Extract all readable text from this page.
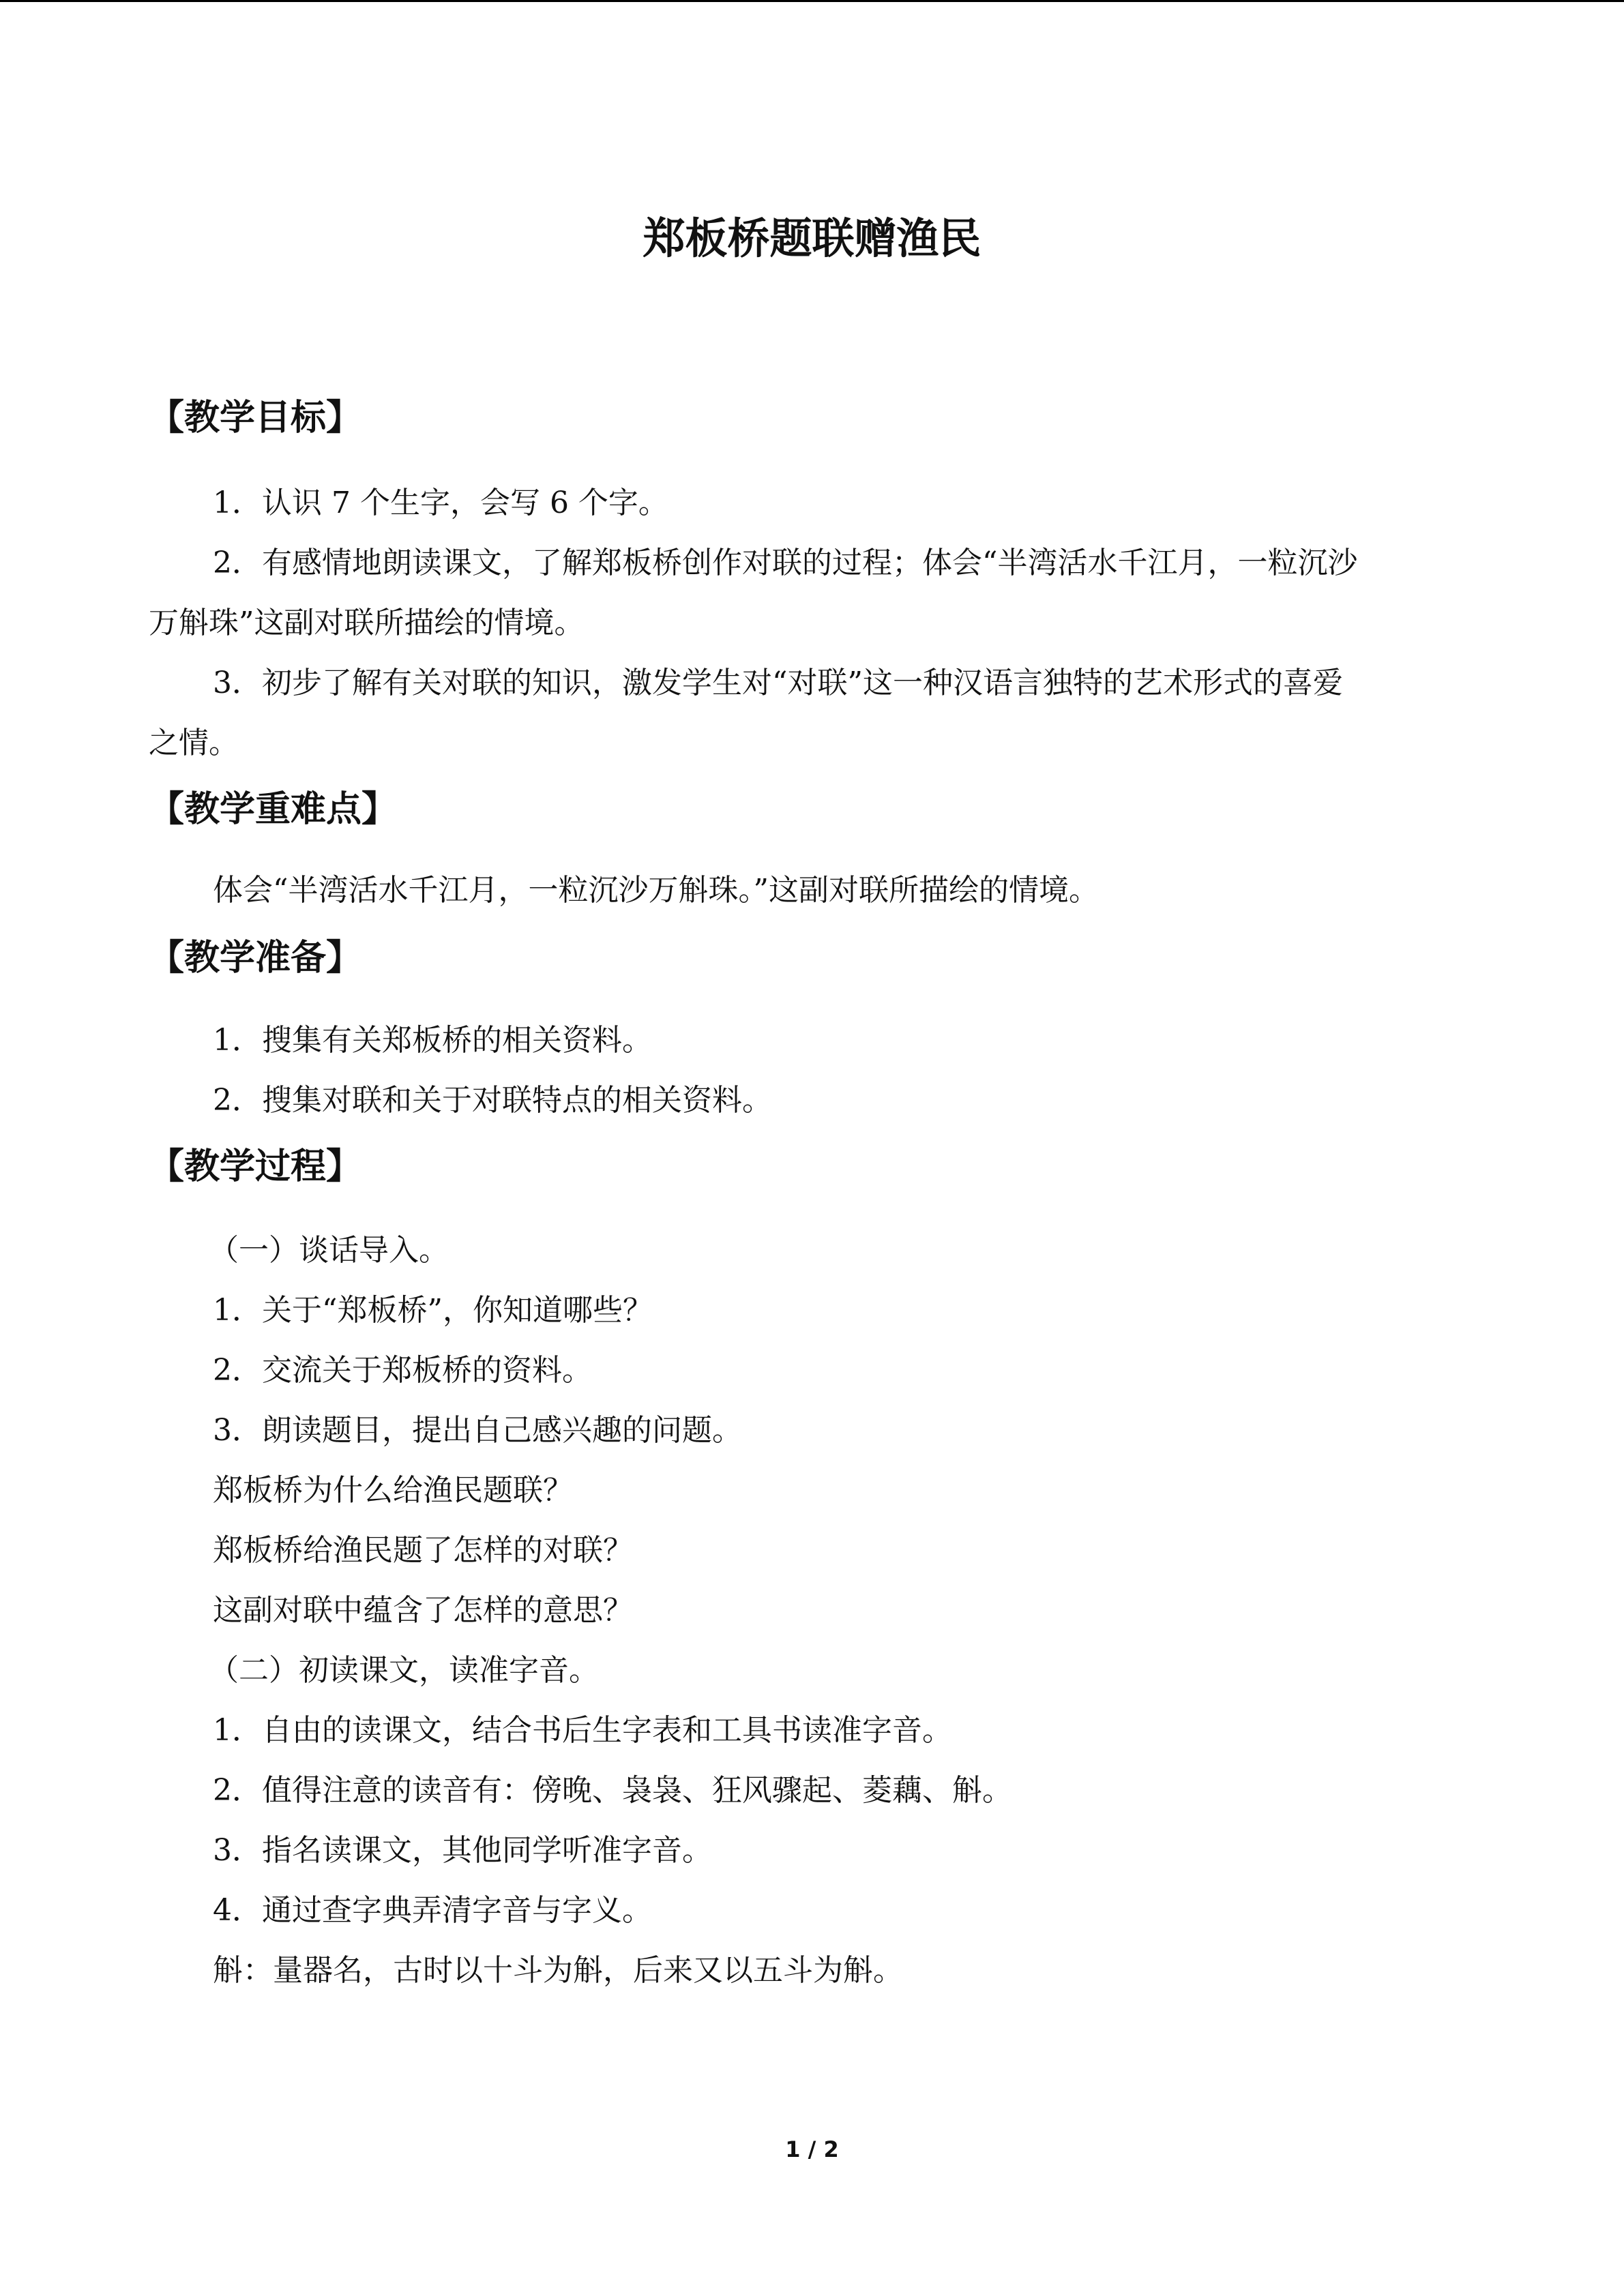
郑板桥题联赠渔民
【教学目标】
1．认识 7 个生字，会写 6 个字。
2．有感情地朗读课文，了解郑板桥创作对联的过程；体会“半湾活水千江月，一粒沉沙
万斛珠”这副对联所描绘的情境。
3．初步了解有关对联的知识，激发学生对“对联”这一种汉语言独特的艺术形式的喜爱
之情。
【教学重难点】
体会“半湾活水千江月，一粒沉沙万斛珠。”这副对联所描绘的情境。
【教学准备】
1．搜集有关郑板桥的相关资料。
2．搜集对联和关于对联特点的相关资料。
【教学过程】
（一）谈话导入。
1．关于“郑板桥”，你知道哪些？
2．交流关于郑板桥的资料。
3．朗读题目，提出自己感兴趣的问题。
郑板桥为什么给渔民题联？
郑板桥给渔民题了怎样的对联？
这副对联中蕴含了怎样的意思？
（二）初读课文，读准字音。
1．自由的读课文，结合书后生字表和工具书读准字音。
2．值得注意的读音有：傍晚、袅袅、狂风骤起、菱藕、斛。
3．指名读课文，其他同学听准字音。
4．通过查字典弄清字音与字义。
斛：量器名，古时以十斗为斛，后来又以五斗为斛。
1 / 2
